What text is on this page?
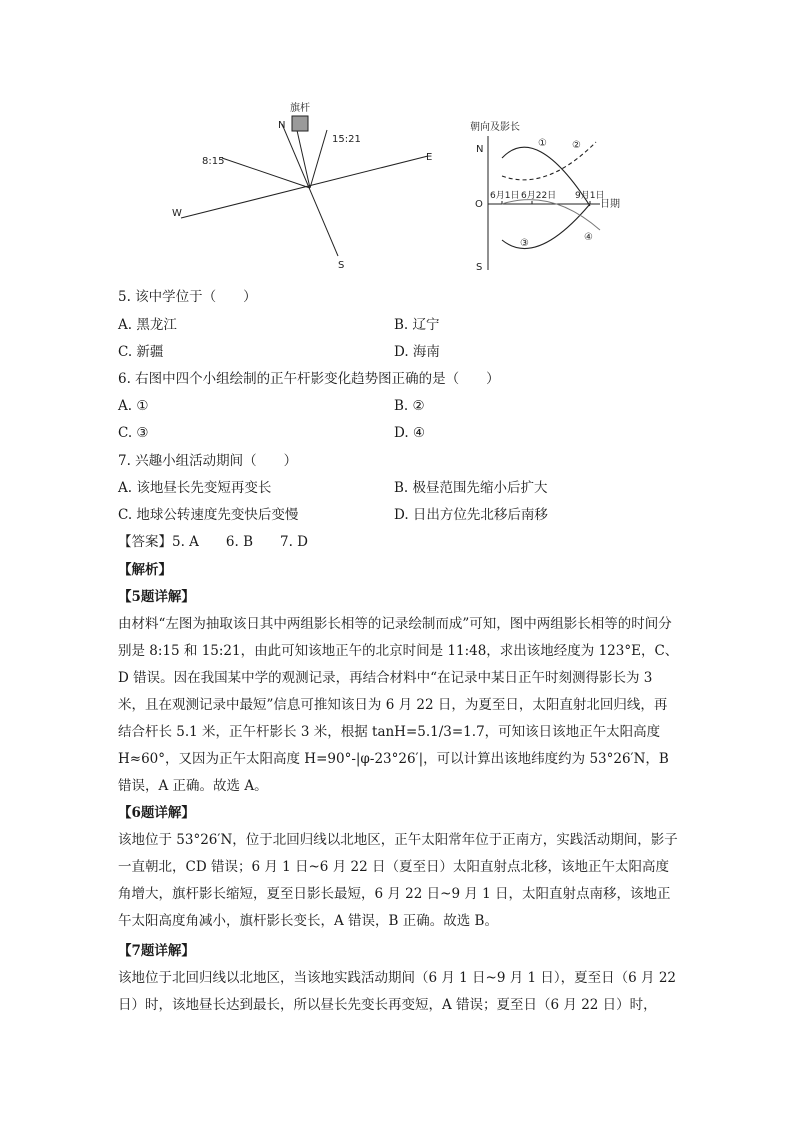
旗杆
N
E
W
S
8:15
15:21
朝向及影长
N
O
S
日期
6月1日 6月22日 9月1日
①	②
③
④
5. 该中学位于（　　）
A. 黑龙江	B. 辽宁
C. 新疆	D. 海南
6. 右图中四个小组绘制的正午杆影变化趋势图正确的是（　　）
A. ①	B. ②
C. ③	D. ④
7. 兴趣小组活动期间（　　）
A. 该地昼长先变短再变长	B. 极昼范围先缩小后扩大
C. 地球公转速度先变快后变慢	D. 日出方位先北移后南移
【答案】5. A　　6. B　　7. D
【解析】
【5题详解】
由材料“左图为抽取该日其中两组影长相等的记录绘制而成”可知，图中两组影长相等的时间分别是 8:15 和 15:21，由此可知该地正午的北京时间是 11:48，求出该地经度为 123°E，C、D 错误。因在我国某中学的观测记录，再结合材料中“在记录中某日正午时刻测得影长为 3 米，且在观测记录中最短”信息可推知该日为 6 月 22 日，为夏至日，太阳直射北回归线，再结合杆长 5.1 米，正午杆影长 3 米，根据 tanH=5.1/3=1.7，可知该日该地正午太阳高度 H≈60°，又因为正午太阳高度 H=90°-|φ-23°26′|，可以计算出该地纬度约为 53°26′N，B 错误，A 正确。故选 A。
【6题详解】
该地位于 53°26′N，位于北回归线以北地区，正午太阳常年位于正南方，实践活动期间，影子一直朝北，CD 错误；6 月 1 日~6 月 22 日（夏至日）太阳直射点北移，该地正午太阳高度角增大，旗杆影长缩短，夏至日影长最短，6 月 22 日~9 月 1 日，太阳直射点南移，该地正午太阳高度角减小，旗杆影长变长，A 错误，B 正确。故选 B。
【7题详解】
该地位于北回归线以北地区，当该地实践活动期间（6 月 1 日~9 月 1 日），夏至日（6 月 22 日）时，该地昼长达到最长，所以昼长先变长再变短，A 错误；夏至日（6 月 22 日）时，
